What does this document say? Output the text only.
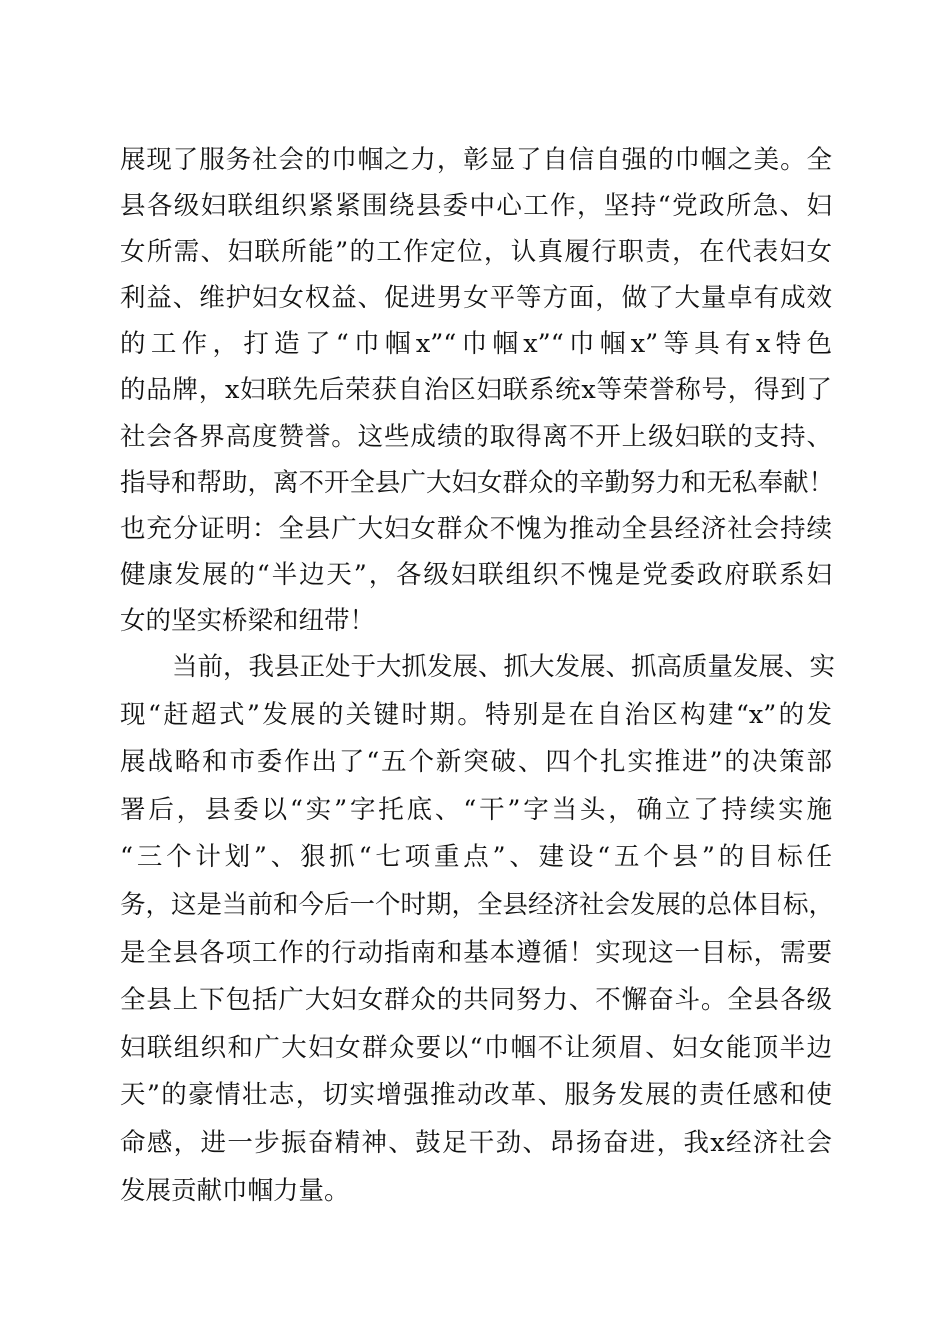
展现了服务社会的巾帼之力，彰显了自信自强的巾帼之美。全
县各级妇联组织紧紧围绕县委中心工作，坚持“党政所急、妇
女所需、妇联所能”的工作定位，认真履行职责，在代表妇女
利益、维护妇女权益、促进男女平等方面，做了大量卓有成效
的工作，打造了“巾帼x”“巾帼x”“巾帼x”等具有x特色
的品牌，x妇联先后荣获自治区妇联系统x等荣誉称号，得到了
社会各界高度赞誉。这些成绩的取得离不开上级妇联的支持、
指导和帮助，离不开全县广大妇女群众的辛勤努力和无私奉献！
也充分证明：全县广大妇女群众不愧为推动全县经济社会持续
健康发展的“半边天”，各级妇联组织不愧是党委政府联系妇
女的坚实桥梁和纽带！
当前，我县正处于大抓发展、抓大发展、抓高质量发展、实
现“赶超式”发展的关键时期。特别是在自治区构建“x”的发
展战略和市委作出了“五个新突破、四个扎实推进”的决策部
署后，县委以“实”字托底、“干”字当头，确立了持续实施
“三个计划”、狠抓“七项重点”、建设“五个县”的目标任
务，这是当前和今后一个时期，全县经济社会发展的总体目标，
是全县各项工作的行动指南和基本遵循！实现这一目标，需要
全县上下包括广大妇女群众的共同努力、不懈奋斗。全县各级
妇联组织和广大妇女群众要以“巾帼不让须眉、妇女能顶半边
天”的豪情壮志，切实增强推动改革、服务发展的责任感和使
命感，进一步振奋精神、鼓足干劲、昂扬奋进，我x经济社会
发展贡献巾帼力量。
